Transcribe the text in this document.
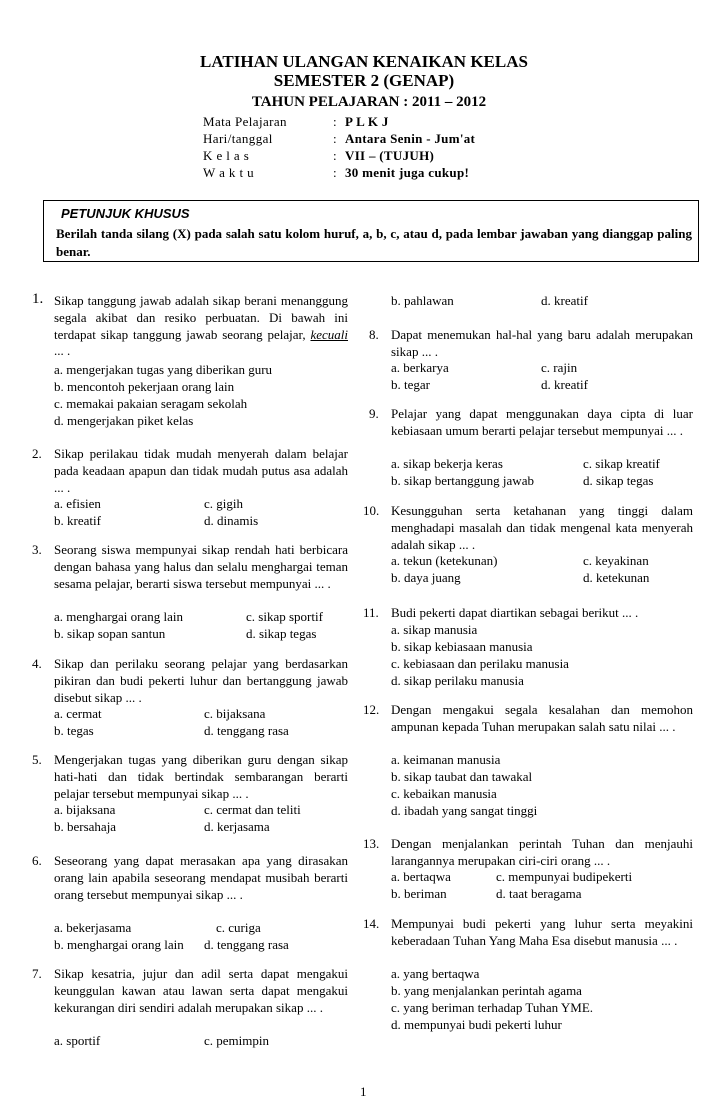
LATIHAN ULANGAN KENAIKAN KELAS
SEMESTER 2 (GENAP)
TAHUN PELAJARAN : 2011 – 2012
Mata Pelajaran	: P L K J
Hari/tanggal	: Antara Senin - Jum'at
K e l a s	: VII – (TUJUH)
W a k t u	: 30 menit juga cukup!
PETUNJUK KHUSUS
Berilah tanda silang (X) pada salah satu kolom huruf, a, b, c, atau d, pada lembar jawaban yang dianggap paling benar.
1. Sikap tanggung jawab adalah sikap berani menanggung segala akibat dan resiko perbuatan. Di bawah ini terdapat sikap tanggung jawab seorang pelajar, kecuali ... .
a. mengerjakan tugas yang diberikan guru
b. mencontoh pekerjaan orang lain
c. memakai pakaian seragam sekolah
d. mengerjakan piket kelas
2. Sikap perilakau tidak mudah menyerah dalam belajar pada keadaan apapun dan tidak mudah putus asa adalah ... .
a. efisien	c. gigih
b. kreatif	d. dinamis
3. Seorang siswa mempunyai sikap rendah hati berbicara dengan bahasa yang halus dan selalu menghargai teman sesama pelajar, berarti siswa tersebut mempunyai ... .
a. menghargai orang lain	c. sikap sportif
b. sikap sopan santun	d. sikap tegas
4. Sikap dan perilaku seorang pelajar yang berdasarkan pikiran dan budi pekerti luhur dan bertanggung jawab disebut sikap ... .
a. cermat	c. bijaksana
b. tegas	d. tenggang rasa
5. Mengerjakan tugas yang diberikan guru dengan sikap hati-hati dan tidak bertindak sembarangan berarti pelajar tersebut mempunyai sikap ... .
a. bijaksana	c. cermat dan teliti
b. bersahaja	d. kerjasama
6. Seseorang yang dapat merasakan apa yang dirasakan orang lain apabila seseorang mendapat musibah berarti orang tersebut mempunyai sikap ... .
a. bekerjasama	c. curiga
b. menghargai orang lain d. tenggang rasa
7. Sikap kesatria, jujur dan adil serta dapat mengakui keunggulan kawan atau lawan serta dapat mengakui kekurangan diri sendiri adalah merupakan sikap ... .
a. sportif	c. pemimpin
b. pahlawan	d. kreatif
8. Dapat menemukan hal-hal yang baru adalah merupakan sikap ... .
a. berkarya	c. rajin
b. tegar	d. kreatif
9. Pelajar yang dapat menggunakan daya cipta di luar kebiasaan umum berarti pelajar tersebut mempunyai ... .
a. sikap bekerja keras	c. sikap kreatif
b. sikap bertanggung jawab	d. sikap tegas
10. Kesungguhan serta ketahanan yang tinggi dalam menghadapi masalah dan tidak mengenal kata menyerah adalah sikap ... .
a. tekun (ketekunan)	c. keyakinan
b. daya juang	d. ketekunan
11. Budi pekerti dapat diartikan sebagai berikut ... .
a. sikap manusia
b. sikap kebiasaan manusia
c. kebiasaan dan perilaku manusia
d. sikap perilaku manusia
12. Dengan mengakui segala kesalahan dan memohon ampunan kepada Tuhan merupakan salah satu nilai ... .
a. keimanan manusia
b. sikap taubat dan tawakal
c. kebaikan manusia
d. ibadah yang sangat tinggi
13. Dengan menjalankan perintah Tuhan dan menjauhi larangannya merupakan ciri-ciri orang ... .
a. bertaqwa	c. mempunyai budipekerti
b. beriman	d. taat beragama
14. Mempunyai budi pekerti yang luhur serta meyakini keberadaan Tuhan Yang Maha Esa disebut manusia ... .
a. yang bertaqwa
b. yang menjalankan perintah agama
c. yang beriman terhadap Tuhan YME.
d. mempunyai budi pekerti luhur
1
